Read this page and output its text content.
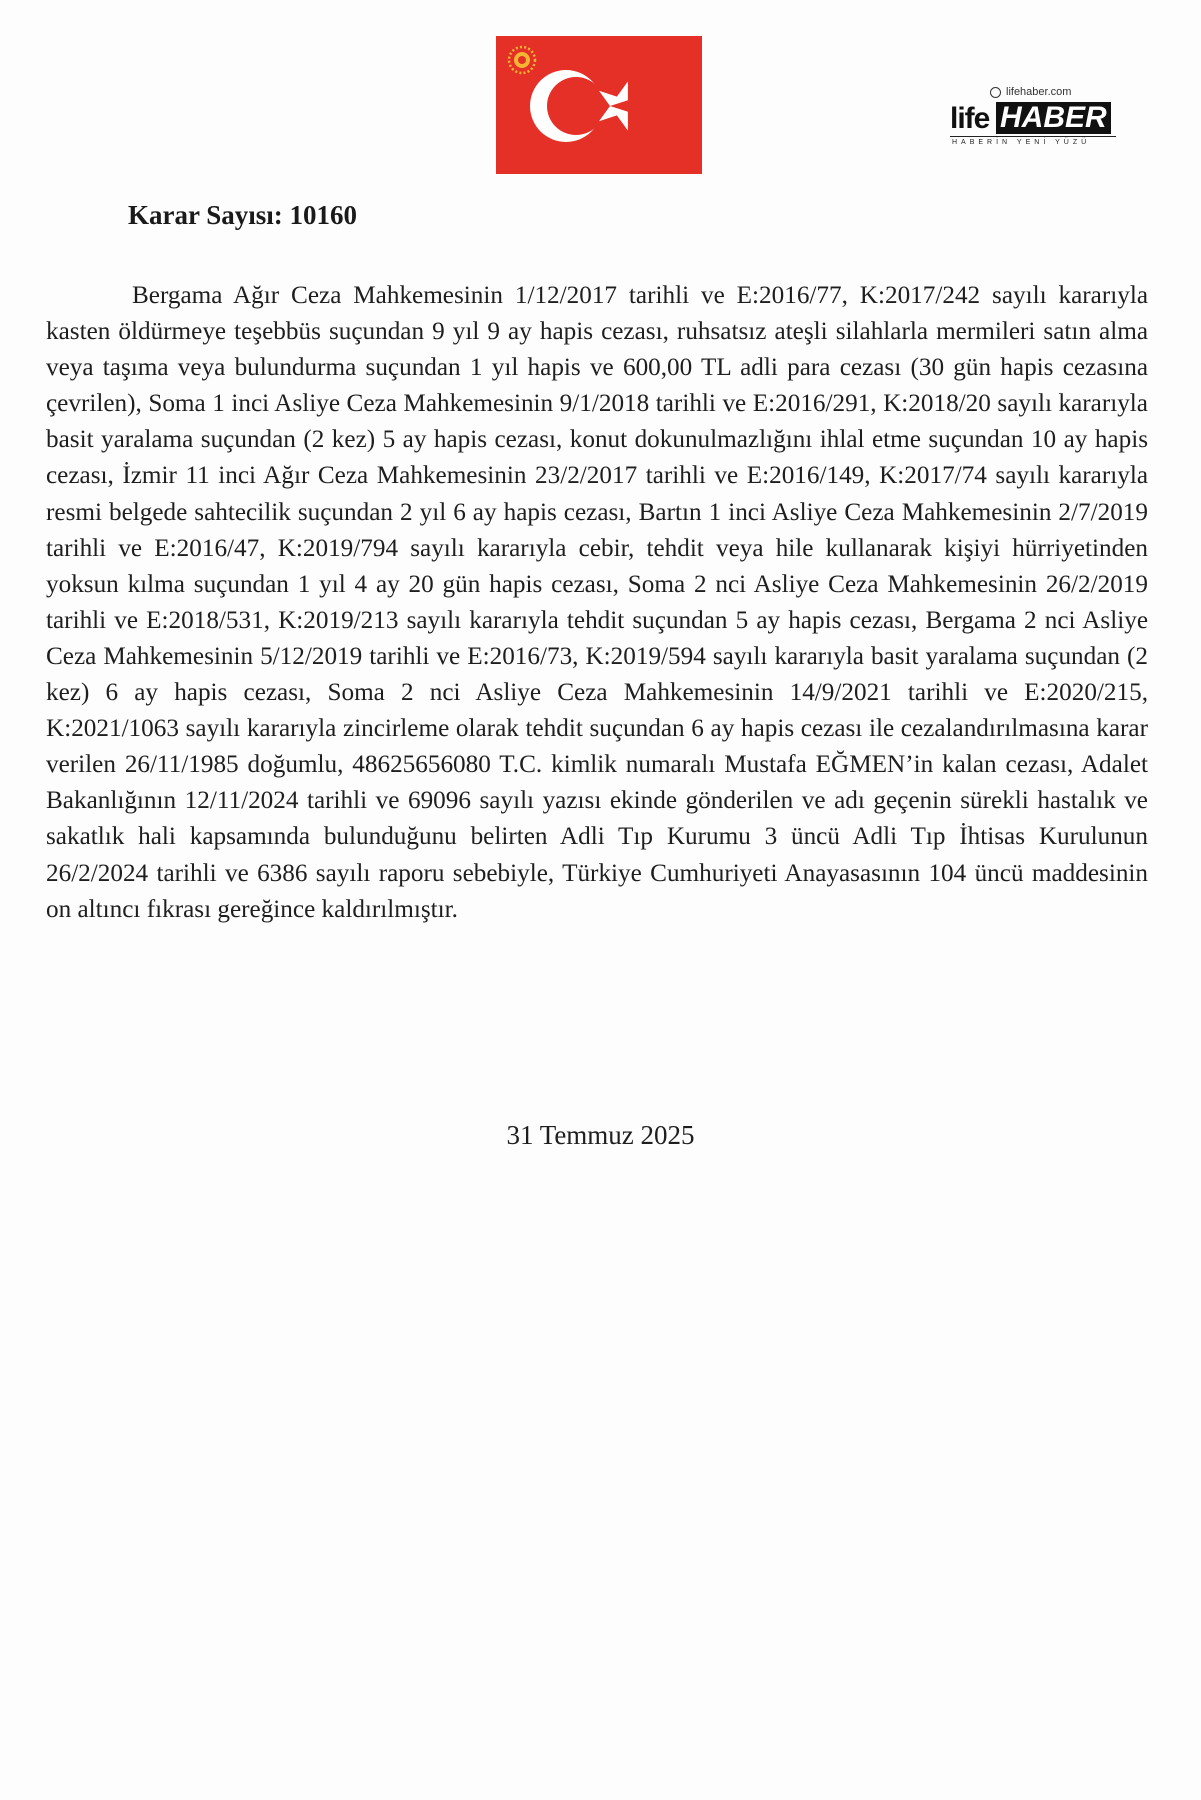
lifehaber.com
life HABER
HABERİN YENİ YÜZÜ
Karar Sayısı: 10160

Bergama Ağır Ceza Mahkemesinin 1/12/2017 tarihli ve E:2016/77, K:2017/242 sayılı kararıyla kasten öldürmeye teşebbüs suçundan 9 yıl 9 ay hapis cezası, ruhsatsız ateşli silahlarla mermileri satın alma veya taşıma veya bulundurma suçundan 1 yıl hapis ve 600,00 TL adli para cezası (30 gün hapis cezasına çevrilen), Soma 1 inci Asliye Ceza Mahkemesinin 9/1/2018 tarihli ve E:2016/291, K:2018/20 sayılı kararıyla basit yaralama suçundan (2 kez) 5 ay hapis cezası, konut dokunulmazlığını ihlal etme suçundan 10 ay hapis cezası, İzmir 11 inci Ağır Ceza Mahkemesinin 23/2/2017 tarihli ve E:2016/149, K:2017/74 sayılı kararıyla resmi belgede sahtecilik suçundan 2 yıl 6 ay hapis cezası, Bartın 1 inci Asliye Ceza Mahkemesinin 2/7/2019 tarihli ve E:2016/47, K:2019/794 sayılı kararıyla cebir, tehdit veya hile kullanarak kişiyi hürriyetinden yoksun kılma suçundan 1 yıl 4 ay 20 gün hapis cezası, Soma 2 nci Asliye Ceza Mahkemesinin 26/2/2019 tarihli ve E:2018/531, K:2019/213 sayılı kararıyla tehdit suçundan 5 ay hapis cezası, Bergama 2 nci Asliye Ceza Mahkemesinin 5/12/2019 tarihli ve E:2016/73, K:2019/594 sayılı kararıyla basit yaralama suçundan (2 kez) 6 ay hapis cezası, Soma 2 nci Asliye Ceza Mahkemesinin 14/9/2021 tarihli ve E:2020/215, K:2021/1063 sayılı kararıyla zincirleme olarak tehdit suçundan 6 ay hapis cezası ile cezalandırılmasına karar verilen 26/11/1985 doğumlu, 48625656080 T.C. kimlik numaralı Mustafa EĞMEN’in kalan cezası, Adalet Bakanlığının 12/11/2024 tarihli ve 69096 sayılı yazısı ekinde gönderilen ve adı geçenin sürekli hastalık ve sakatlık hali kapsamında bulunduğunu belirten Adli Tıp Kurumu 3 üncü Adli Tıp İhtisas Kurulunun 26/2/2024 tarihli ve 6386 sayılı raporu sebebiyle, Türkiye Cumhuriyeti Anayasasının 104 üncü maddesinin on altıncı fıkrası gereğince kaldırılmıştır.

31 Temmuz 2025
